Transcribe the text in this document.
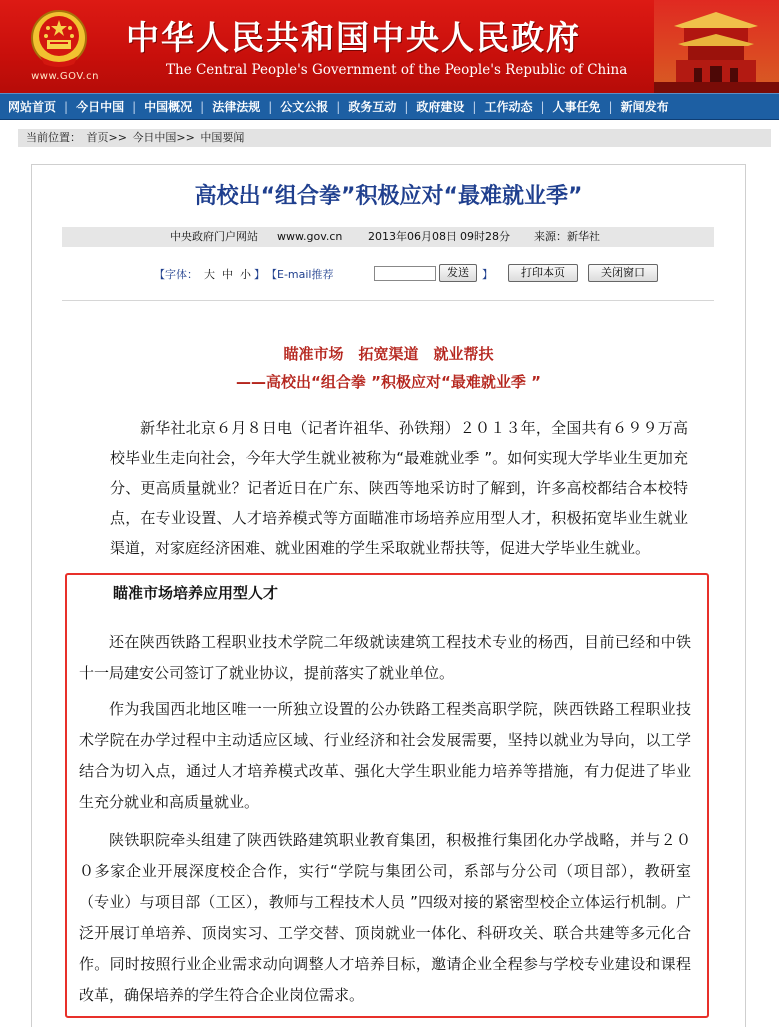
www.GOV.cn
中华人民共和国中央人民政府
The Central People's Government of the People's Republic of China
网站首页 | 今日中国 | 中国概况 | 法律法规 | 公文公报 | 政务互动 | 政府建设 | 工作动态 | 人事任免 | 新闻发布
当前位置： 首页>> 今日中国>> 中国要闻
高校出“组合拳”积极应对“最难就业季”
中央政府门户网站 www.gov.cn 2013年06月08日 09时28分 来源：新华社
【字体： 大 中 小 】 【E-mail推荐	发送	】	打印本页	关闭窗口
瞄准市场　拓宽渠道　就业帮扶
——高校出“组合拳 ”积极应对“最难就业季 ”

新华社北京６月８日电（记者许祖华、孙铁翔）２０１３年，全国共有６９９万高校毕业生走向社会，今年大学生就业被称为“最难就业季 ”。如何实现大学毕业生更加充分、更高质量就业？记者近日在广东、陕西等地采访时了解到，许多高校都结合本校特点，在专业设置、人才培养模式等方面瞄准市场培养应用型人才，积极拓宽毕业生就业渠道，对家庭经济困难、就业困难的学生采取就业帮扶等，促进大学毕业生就业。

瞄准市场培养应用型人才

还在陕西铁路工程职业技术学院二年级就读建筑工程技术专业的杨西，目前已经和中铁十一局建安公司签订了就业协议，提前落实了就业单位。

作为我国西北地区唯一一所独立设置的公办铁路工程类高职学院，陕西铁路工程职业技术学院在办学过程中主动适应区域、行业经济和社会发展需要，坚持以就业为导向，以工学结合为切入点，通过人才培养模式改革、强化大学生职业能力培养等措施，有力促进了毕业生充分就业和高质量就业。

陕铁职院牵头组建了陕西铁路建筑职业教育集团，积极推行集团化办学战略，并与２００多家企业开展深度校企合作，实行“学院与集团公司，系部与分公司（项目部），教研室（专业）与项目部（工区），教师与工程技术人员 ”四级对接的紧密型校企立体运行机制。广泛开展订单培养、顶岗实习、工学交替、顶岗就业一体化、科研攻关、联合共建等多元化合作。同时按照行业企业需求动向调整人才培养目标，邀请企业全程参与学校专业建设和课程改革，确保培养的学生符合企业岗位需求。
